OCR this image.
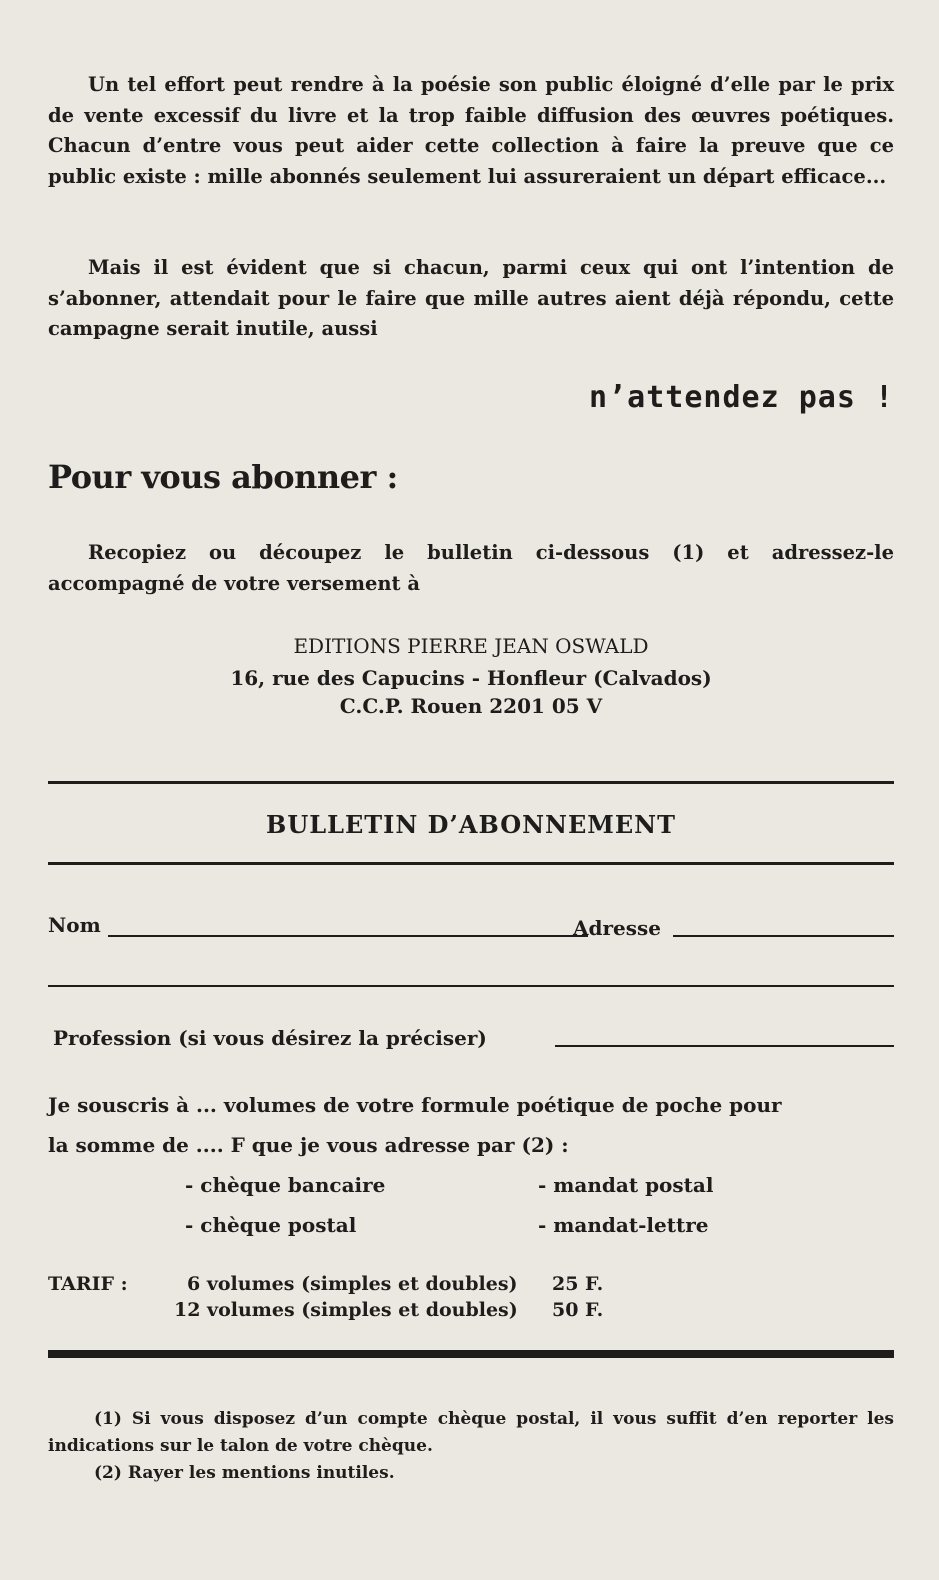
Un tel effort peut rendre à la poésie son public éloigné d’elle par le prix de vente excessif du livre et la trop faible diffusion des œuvres poétiques. Chacun d’entre vous peut aider cette collection à faire la preuve que ce public existe : mille abonnés seulement lui assureraient un départ efficace...

Mais il est évident que si chacun, parmi ceux qui ont l’intention de s’abonner, attendait pour le faire que mille autres aient déjà répondu, cette campagne serait inutile, aussi

n’attendez pas !
Pour vous abonner :

Recopiez ou découpez le bulletin ci-dessous (1) et adressez-le accompagné de votre versement à

EDITIONS PIERRE JEAN OSWALD
16, rue des Capucins - Honfleur (Calvados)
C.C.P. Rouen 2201 05 V
BULLETIN D’ABONNEMENT
Nom	Adresse
Profession (si vous désirez la préciser)
Je souscris à ... volumes de votre formule poétique de poche pour
la somme de .... F que je vous adresse par (2) :
- chèque bancaire	- mandat postal
- chèque postal	- mandat-lettre
TARIF :	6 volumes (simples et doubles) 25 F.
12 volumes (simples et doubles) 50 F.

(1) Si vous disposez d’un compte chèque postal, il vous suffit d’en reporter les indications sur le talon de votre chèque.

(2) Rayer les mentions inutiles.
